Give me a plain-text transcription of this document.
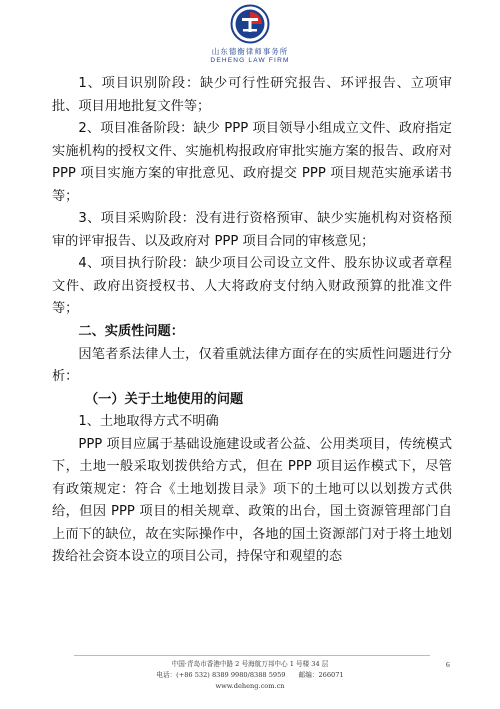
山东德衡律师事务所
DEHENG LAW FIRM

1、项目识别阶段：缺少可行性研究报告、环评报告、立项审批、项目用地批复文件等；

2、项目准备阶段：缺少 PPP 项目领导小组成立文件、政府指定实施机构的授权文件、实施机构报政府审批实施方案的报告、政府对 PPP 项目实施方案的审批意见、政府提交 PPP 项目规范实施承诺书等；

3、项目采购阶段：没有进行资格预审、缺少实施机构对资格预审的评审报告、以及政府对 PPP 项目合同的审核意见；

4、项目执行阶段：缺少项目公司设立文件、股东协议或者章程文件、政府出资授权书、人大将政府支付纳入财政预算的批准文件等；

二、实质性问题：

因笔者系法律人士，仅着重就法律方面存在的实质性问题进行分析：

（一）关于土地使用的问题

1、土地取得方式不明确

PPP 项目应属于基础设施建设或者公益、公用类项目，传统模式下，土地一般采取划拨供给方式，但在 PPP 项目运作模式下，尽管有政策规定：符合《土地划拨目录》项下的土地可以以划拨方式供给，但因 PPP 项目的相关规章、政策的出台，国土资源管理部门自上而下的缺位，故在实际操作中，各地的国土资源部门对于将土地划拨给社会资本设立的项目公司，持保守和观望的态

中国·青岛市香港中路 2 号海航万邦中心 1 号楼 34 层
电话：(+86 532) 8389 9980/8388 5959　　邮编：266071
www.deheng.com.cn
6
